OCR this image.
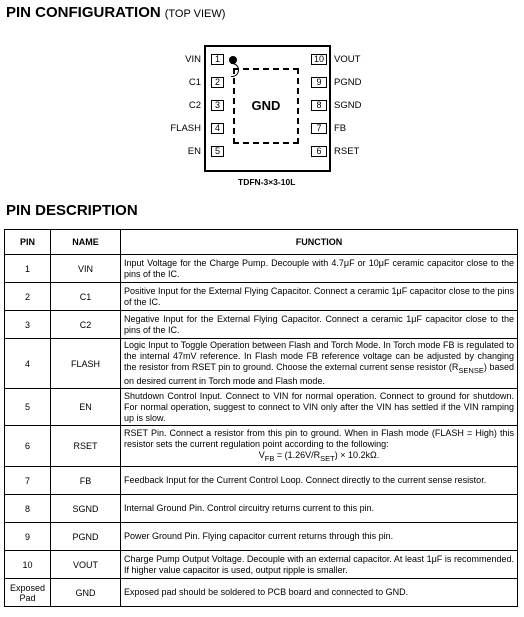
PIN CONFIGURATION (TOP VIEW)
GND
1
2
3
4
5
VIN
C1
C2
FLASH
EN
10
9
8
7
6
VOUT
PGND
SGND
FB
RSET
TDFN-3×3-10L
PIN DESCRIPTION
PIN	NAME	FUNCTION
1	VIN	Input Voltage for the Charge Pump. Decouple with 4.7μF or 10μF ceramic capacitor close to the pins of the IC.
2	C1	Positive Input for the External Flying Capacitor. Connect a ceramic 1μF capacitor close to the pins of the IC.
3	C2	Negative Input for the External Flying Capacitor. Connect a ceramic 1μF capacitor close to the pins of the IC.
4	FLASH	Logic Input to Toggle Operation between Flash and Torch Mode. In Torch mode FB is regulated to the internal 47mV reference. In Flash mode FB reference voltage can be adjusted by changing the resistor from RSET pin to ground. Choose the external current sense resistor $(R_{SENSE})$ based on desired current in Torch mode and Flash mode.
5	EN	Shutdown Control Input. Connect to VIN for normal operation. Connect to ground for shutdown. For normal operation, suggest to connect to VIN only after the VIN has settled if the VIN ramping up is slow.
6	RSET	RSET Pin. Connect a resistor from this pin to ground. When in Flash mode (FLASH = High) this resistor sets the current regulation point according to the following:
$V_{FB} = (1.26V/R_{SET}) \times 10.2k\Omega$.

7	FB	Feedback Input for the Current Control Loop. Connect directly to the current sense resistor.
8	SGND	Internal Ground Pin. Control circuitry returns current to this pin.
9	PGND	Power Ground Pin. Flying capacitor current returns through this pin.
10	VOUT	Charge Pump Output Voltage. Decouple with an external capacitor. At least 1μF is recommended. If higher value capacitor is used, output ripple is smaller.
Exposed Pad	GND	Exposed pad should be soldered to PCB board and connected to GND.
